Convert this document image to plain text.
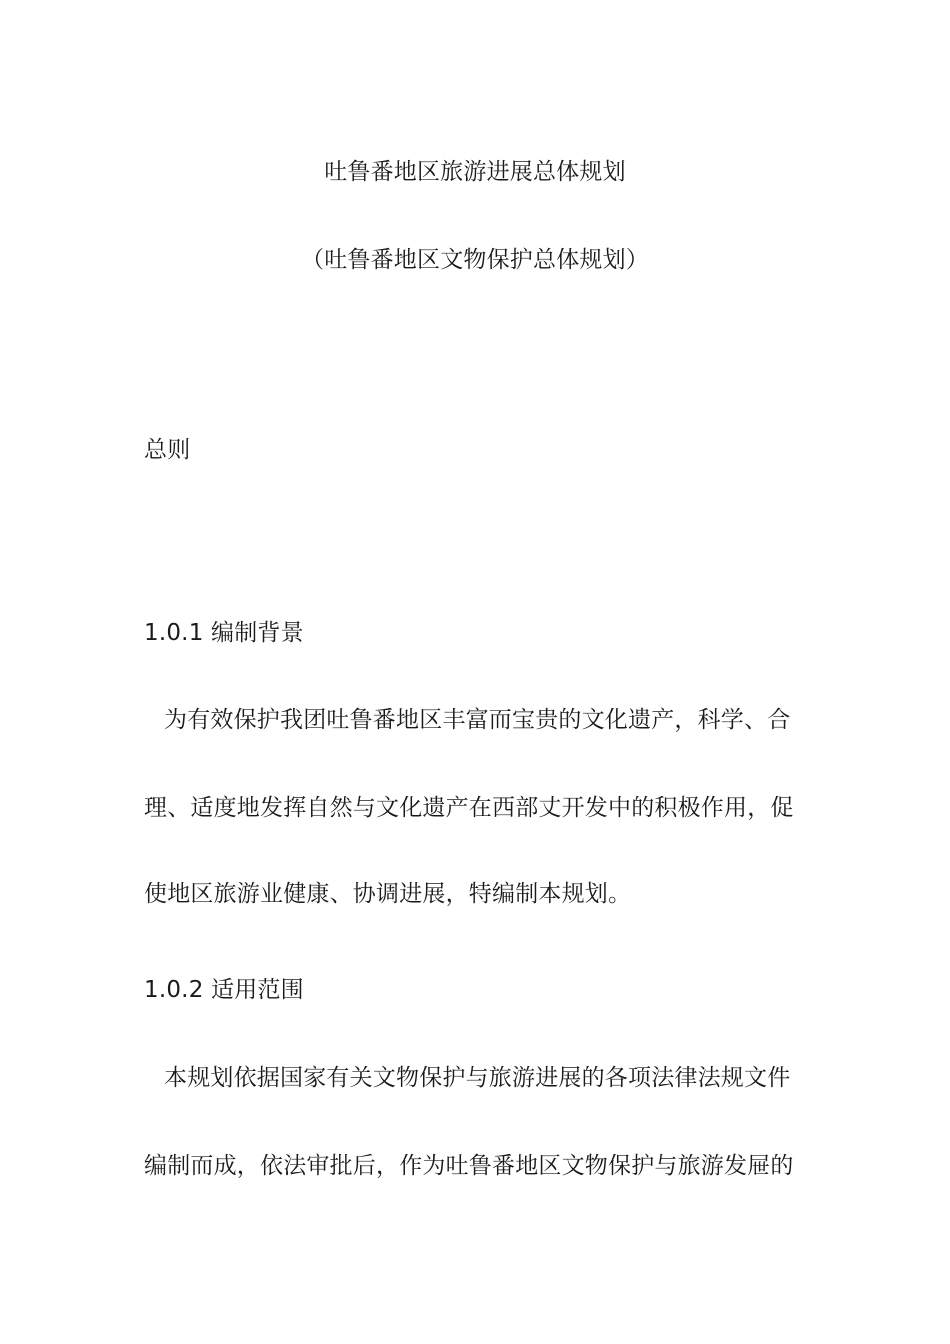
吐鲁番地区旅游进展总体规划
（吐鲁番地区文物保护总体规划）
总则
1.0.1 编制背景
为有效保护我团吐鲁番地区丰富而宝贵的文化遗产，科学、合
理、适度地发挥自然与文化遗产在西部丈开发中的积极作用，促
使地区旅游业健康、协调进展，特编制本规划。
1.0.2 适用范围
本规划依据国家有关文物保护与旅游进展的各项法律法规文件
编制而成，依法审批后，作为吐鲁番地区文物保护与旅游发屉的
